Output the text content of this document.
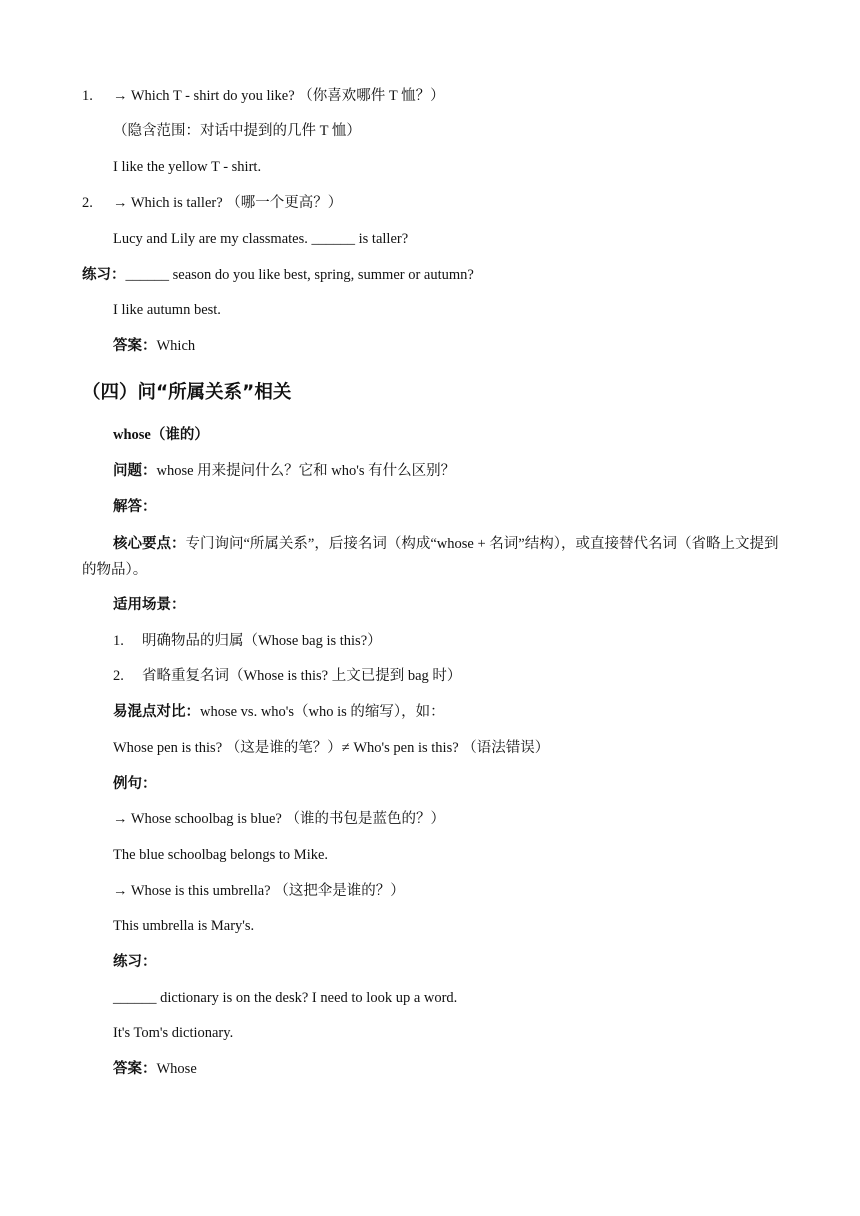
1. → Which T - shirt do you like? （你喜欢哪件 T 恤？）
（隐含范围：对话中提到的几件 T 恤）
I like the yellow T - shirt.
2. → Which is taller? （哪一个更高？）
Lucy and Lily are my classmates. ______ is taller?
练习：______ season do you like best, spring, summer or autumn?
I like autumn best.
答案：Which
（四）问“所属关系”相关
whose（谁的）
问题：whose 用来提问什么？它和 who's 有什么区别？
解答：
核心要点：专门询问“所属关系”，后接名词（构成“whose + 名词”结构），或直接替代名词（省略上文提到的物品）。
适用场景：
1. 明确物品的归属（Whose bag is this?）
2. 省略重复名词（Whose is this? 上文已提到 bag 时）
易混点对比：whose vs. who's（who is 的缩写），如：
Whose pen is this? （这是谁的笔？）≠ Who's pen is this? （语法错误）
例句：
→ Whose schoolbag is blue? （谁的书包是蓝色的？）
The blue schoolbag belongs to Mike.
→ Whose is this umbrella? （这把伞是谁的？）
This umbrella is Mary's.
练习：
______ dictionary is on the desk? I need to look up a word.
It's Tom's dictionary.
答案：Whose
